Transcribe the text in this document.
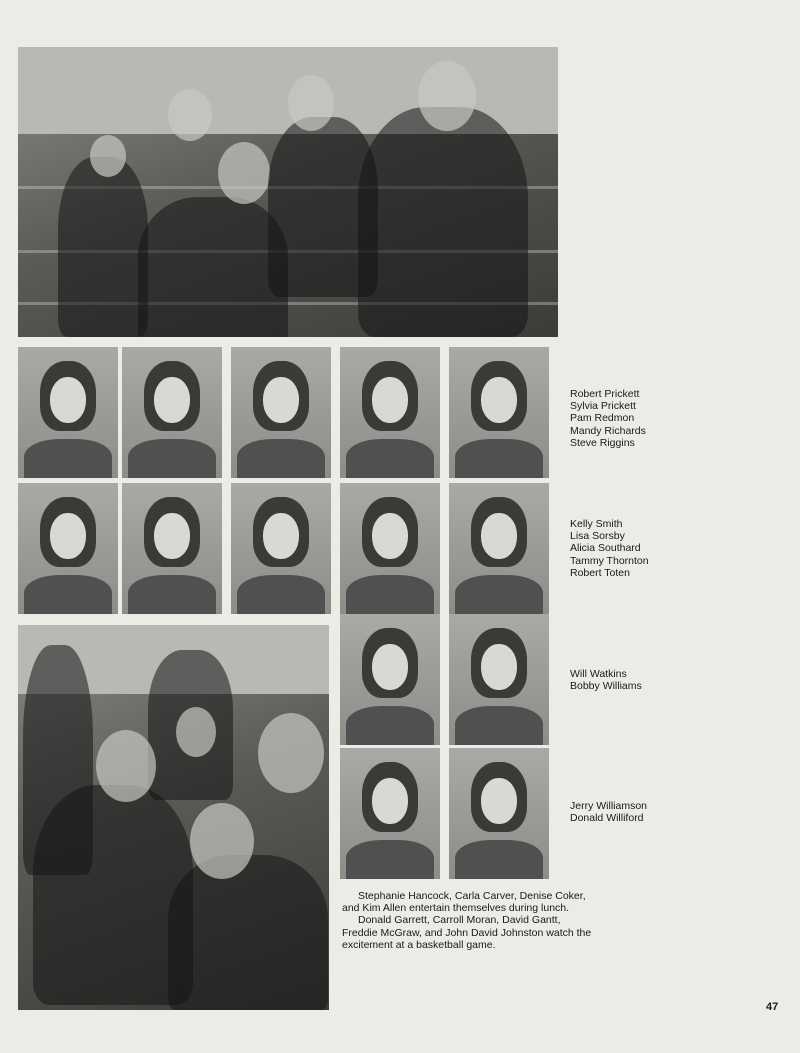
Robert Prickett
Sylvia Prickett
Pam Redmon
Mandy Richards
Steve Riggins
Kelly Smith
Lisa Sorsby
Alicia Southard
Tammy Thornton
Robert Toten
Will Watkins
Bobby Williams
Jerry Williamson
Donald Williford

Stephanie Hancock, Carla Carver, Denise Coker, and Kim Allen entertain themselves during lunch.

Donald Garrett, Carroll Moran, David Gantt, Freddie McGraw, and John David Johnston watch the excitement at a basketball game.

47
